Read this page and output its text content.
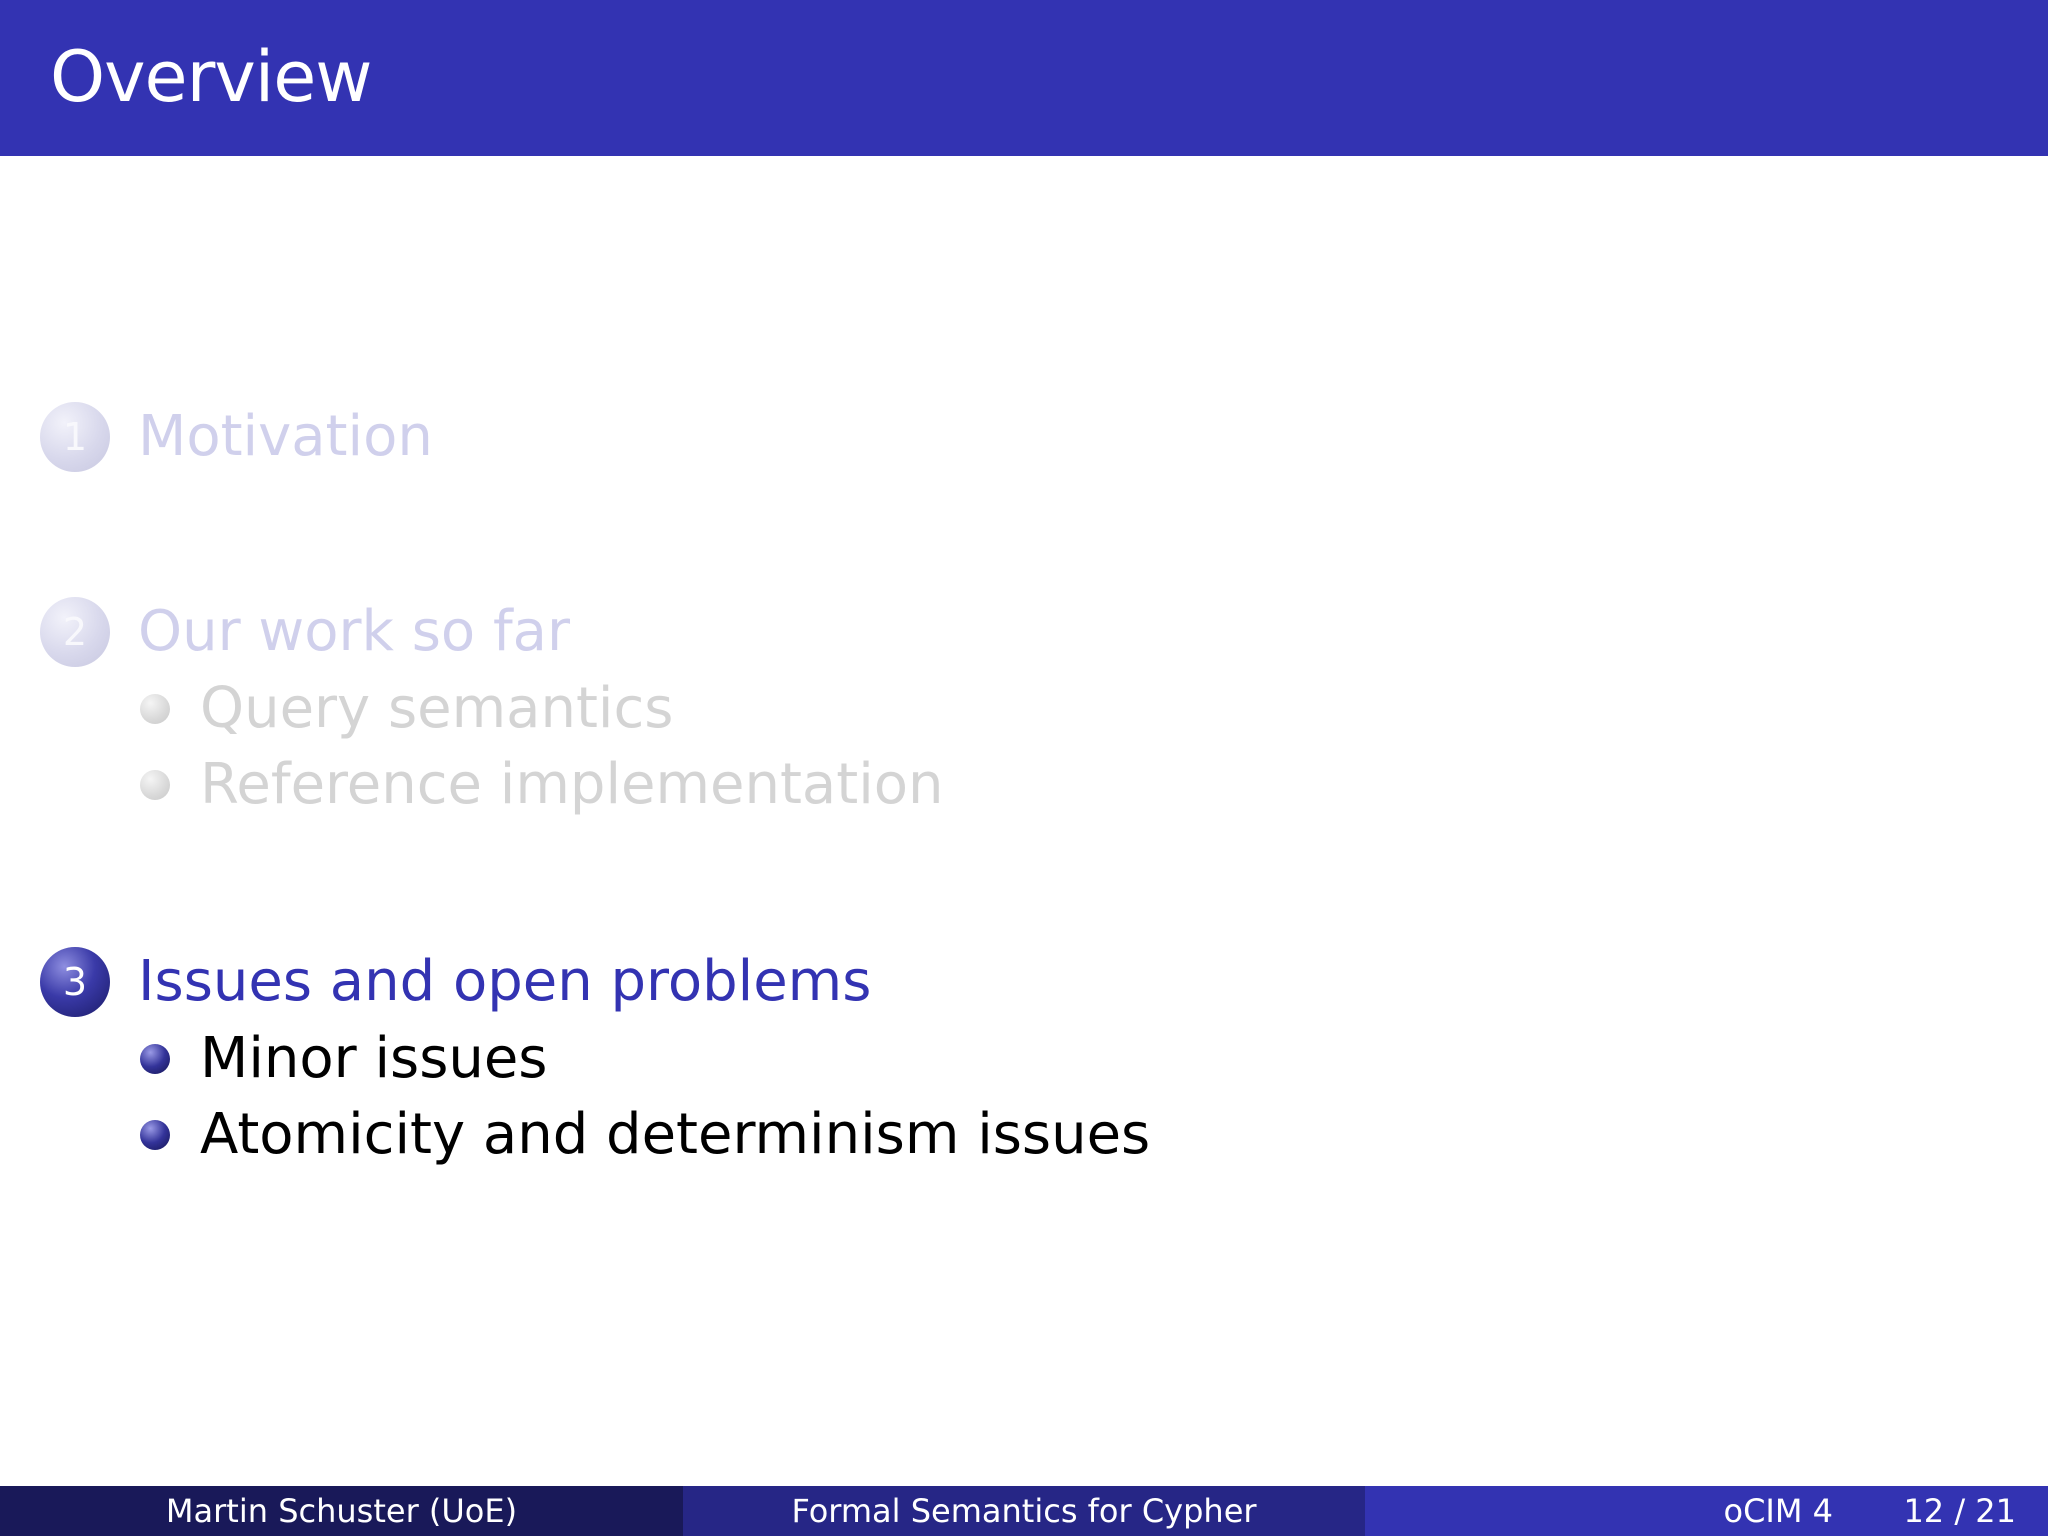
Overview
1 Motivation
2 Our work so far
Query semantics
Reference implementation
3 Issues and open problems
Minor issues
Atomicity and determinism issues
Martin Schuster (UoE)	Formal Semantics for Cypher	oCIM 4 12 / 21
